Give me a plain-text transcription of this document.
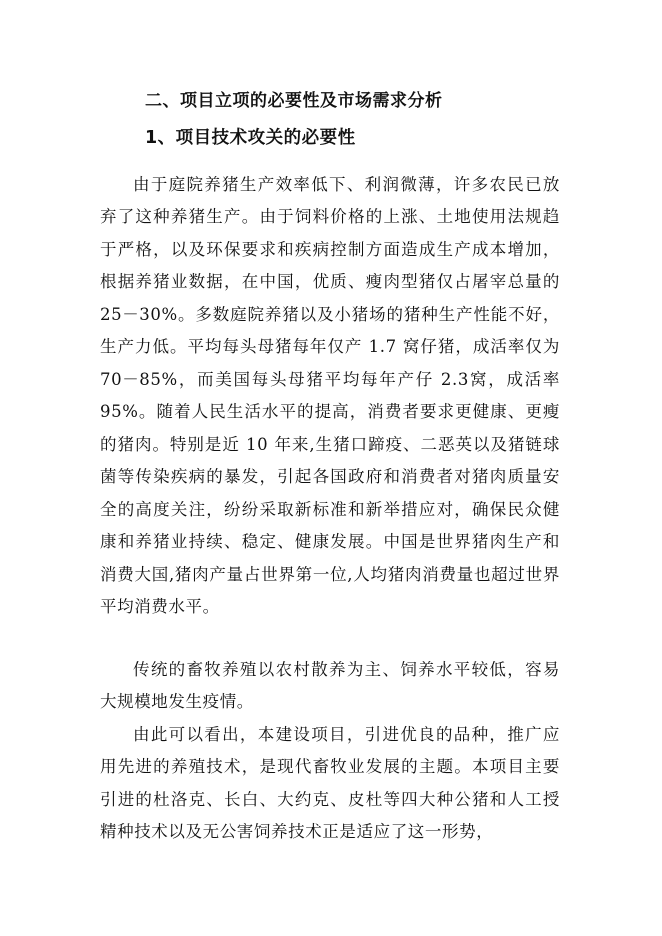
二、项目立项的必要性及市场需求分析
1、项目技术攻关的必要性

由于庭院养猪生产效率低下、利润微薄，许多农民已放弃了这种养猪生产。由于饲料价格的上涨、土地使用法规趋于严格，以及环保要求和疾病控制方面造成生产成本增加，根据养猪业数据，在中国，优质、瘦肉型猪仅占屠宰总量的 25－30%。多数庭院养猪以及小猪场的猪种生产性能不好，生产力低。平均每头母猪每年仅产 1.7 窝仔猪，成活率仅为 70－85%，而美国每头母猪平均每年产仔 2.3窝，成活率 95%。随着人民生活水平的提高，消费者要求更健康、更瘦的猪肉。特别是近 10 年来,生猪口蹄疫、二恶英以及猪链球菌等传染疾病的暴发，引起各国政府和消费者对猪肉质量安全的高度关注，纷纷采取新标准和新举措应对，确保民众健康和养猪业持续、稳定、健康发展。中国是世界猪肉生产和消费大国,猪肉产量占世界第一位,人均猪肉消费量也超过世界平均消费水平。

传统的畜牧养殖以农村散养为主、饲养水平较低，容易大规模地发生疫情。

由此可以看出，本建设项目，引进优良的品种，推广应用先进的养殖技术，是现代畜牧业发展的主题。本项目主要引进的杜洛克、长白、大约克、皮杜等四大种公猪和人工授精种技术以及无公害饲养技术正是适应了这一形势，
